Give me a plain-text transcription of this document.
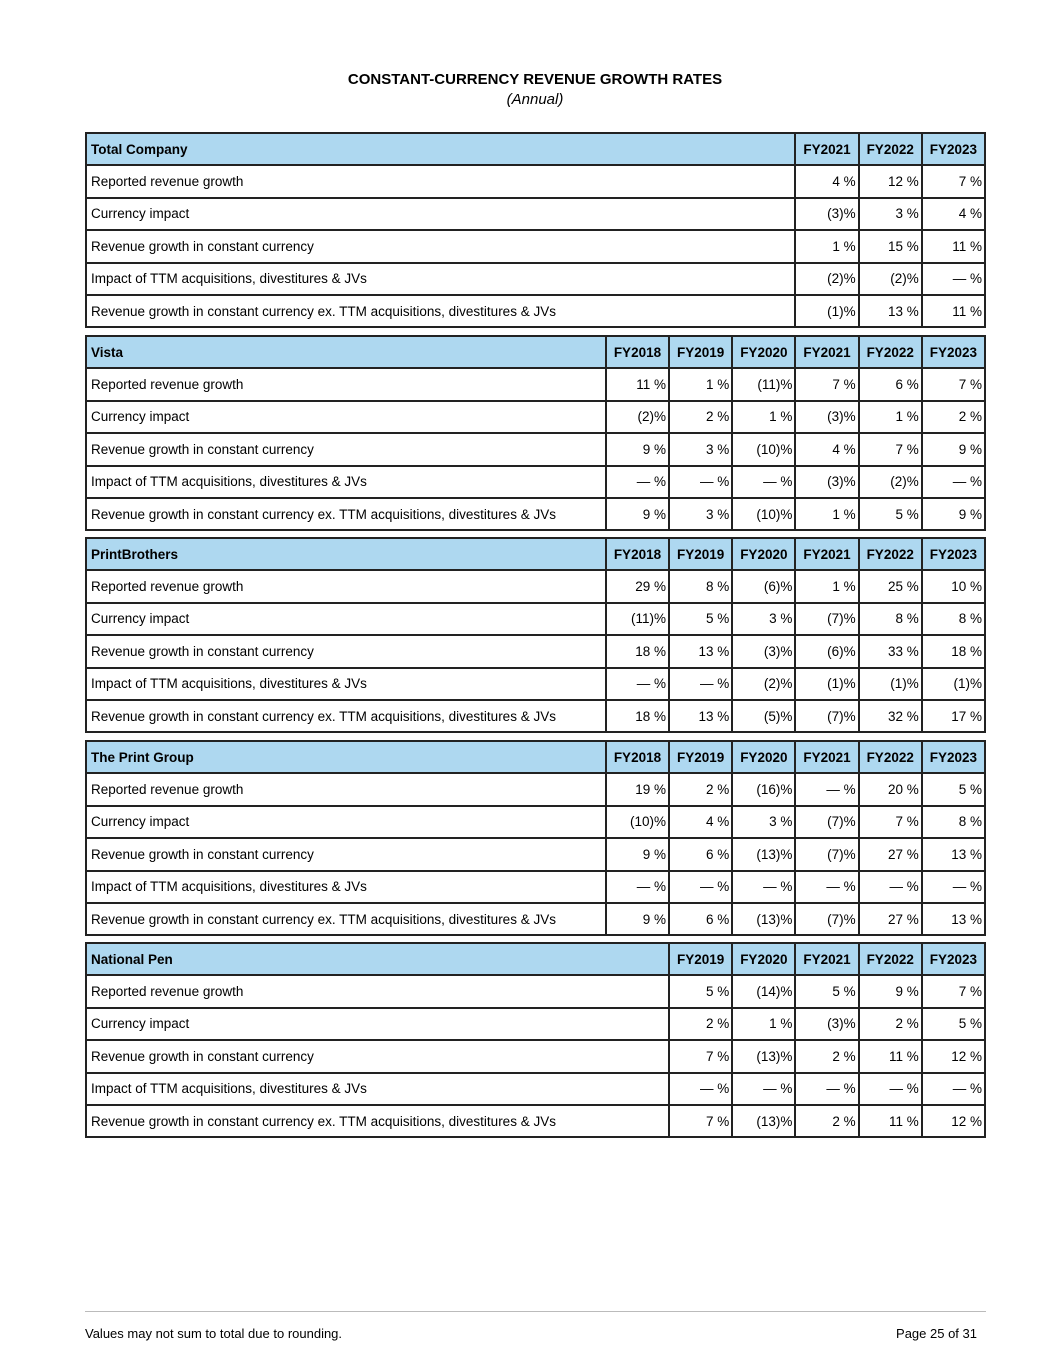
CONSTANT-CURRENCY REVENUE GROWTH RATES
(Annual)
Total Company	FY2021	FY2022	FY2023
Reported revenue growth	4 %	12 %	7 %
Currency impact	(3)%	3 %	4 %
Revenue growth in constant currency	1 %	15 %	11 %
Impact of TTM acquisitions, divestitures & JVs	(2)%	(2)%	— %
Revenue growth in constant currency ex. TTM acquisitions, divestitures & JVs	(1)%	13 %	11 %
Vista	FY2018	FY2019	FY2020	FY2021	FY2022	FY2023
Reported revenue growth	11 %	1 %	(11)%	7 %	6 %	7 %
Currency impact	(2)%	2 %	1 %	(3)%	1 %	2 %
Revenue growth in constant currency	9 %	3 %	(10)%	4 %	7 %	9 %
Impact of TTM acquisitions, divestitures & JVs	— %	— %	— %	(3)%	(2)%	— %
Revenue growth in constant currency ex. TTM acquisitions, divestitures & JVs	9 %	3 %	(10)%	1 %	5 %	9 %
PrintBrothers	FY2018	FY2019	FY2020	FY2021	FY2022	FY2023
Reported revenue growth	29 %	8 %	(6)%	1 %	25 %	10 %
Currency impact	(11)%	5 %	3 %	(7)%	8 %	8 %
Revenue growth in constant currency	18 %	13 %	(3)%	(6)%	33 %	18 %
Impact of TTM acquisitions, divestitures & JVs	— %	— %	(2)%	(1)%	(1)%	(1)%
Revenue growth in constant currency ex. TTM acquisitions, divestitures & JVs	18 %	13 %	(5)%	(7)%	32 %	17 %
The Print Group	FY2018	FY2019	FY2020	FY2021	FY2022	FY2023
Reported revenue growth	19 %	2 %	(16)%	— %	20 %	5 %
Currency impact	(10)%	4 %	3 %	(7)%	7 %	8 %
Revenue growth in constant currency	9 %	6 %	(13)%	(7)%	27 %	13 %
Impact of TTM acquisitions, divestitures & JVs	— %	— %	— %	— %	— %	— %
Revenue growth in constant currency ex. TTM acquisitions, divestitures & JVs	9 %	6 %	(13)%	(7)%	27 %	13 %
National Pen	FY2019	FY2020	FY2021	FY2022	FY2023
Reported revenue growth	5 %	(14)%	5 %	9 %	7 %
Currency impact	2 %	1 %	(3)%	2 %	5 %
Revenue growth in constant currency	7 %	(13)%	2 %	11 %	12 %
Impact of TTM acquisitions, divestitures & JVs	— %	— %	— %	— %	— %
Revenue growth in constant currency ex. TTM acquisitions, divestitures & JVs	7 %	(13)%	2 %	11 %	12 %
Values may not sum to total due to rounding.	Page 25 of 31
